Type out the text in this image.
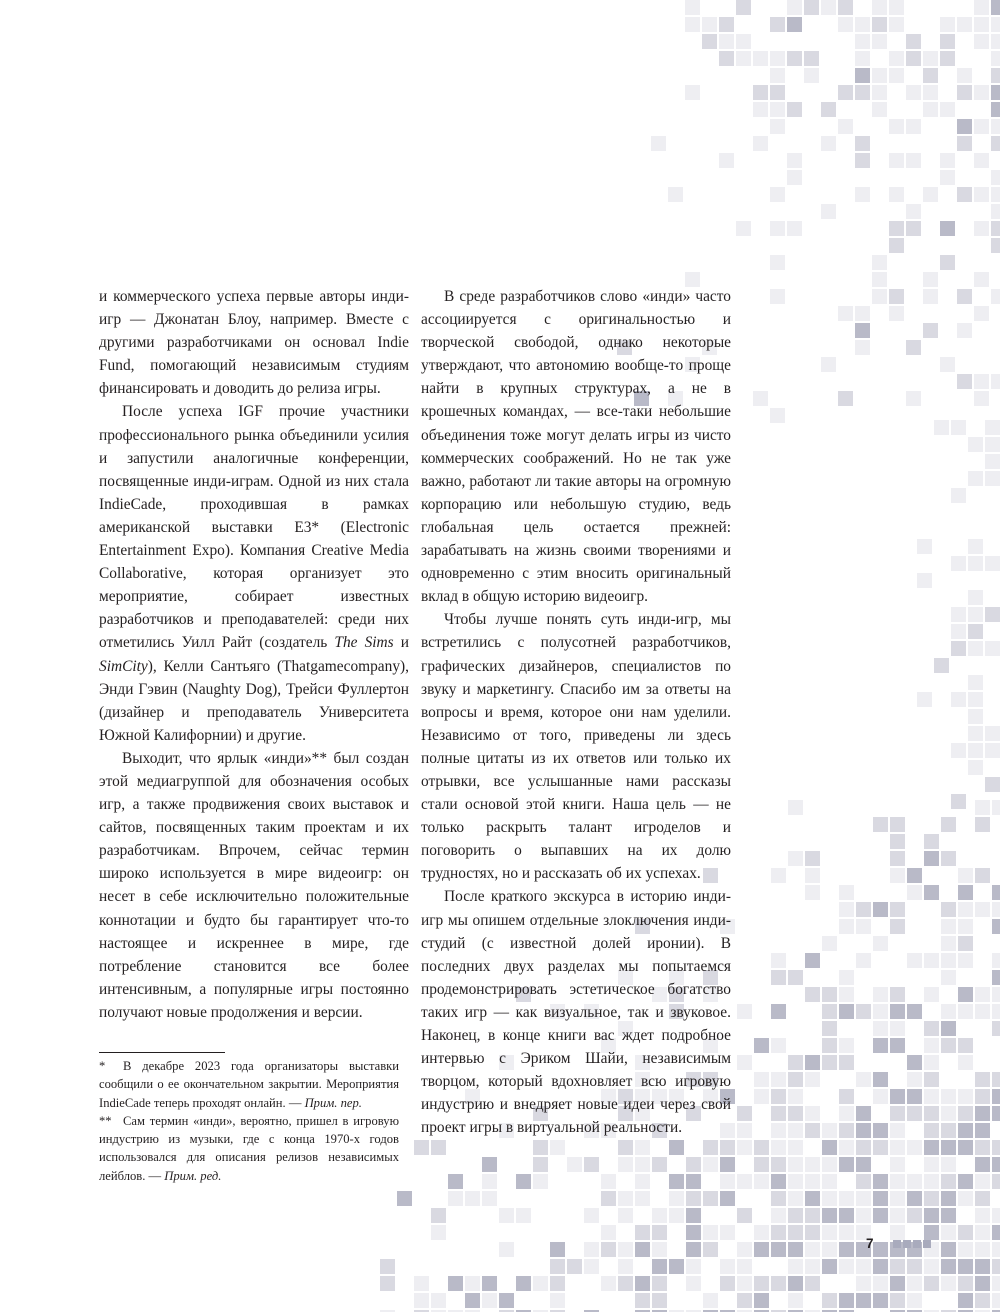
и коммерческого успеха первые авторы инди-игр — Джонатан Блоу, например. Вместе с другими разработчиками он основал Indie Fund, помогающий независимым студиям финансировать и доводить до релиза игры.

После успеха IGF прочие участники профессионального рынка объединили усилия и запустили аналогичные конференции, посвященные инди-играм. Одной из них стала IndieCade, проходившая в рамках американской выставки E3* (Electronic Entertainment Expo). Компания Creative Media Collaborative, которая организует это мероприятие, собирает известных разработчиков и преподавателей: среди них отметились Уилл Райт (создатель The Sims и SimCity), Келли Сантьяго (Thatgamecompany), Энди Гэвин (Naughty Dog), Трейси Фуллертон (дизайнер и преподаватель Университета Южной Калифорнии) и другие.

Выходит, что ярлык «инди»** был создан этой медиагруппой для обозначения особых игр, а также продвижения своих выставок и сайтов, посвященных таким проектам и их разработчикам. Впрочем, сейчас термин широко используется в мире видеоигр: он несет в себе исключительно положительные коннотации и будто бы гарантирует что-то настоящее и искреннее в мире, где потребление становится все более интенсивным, а популярные игры постоянно получают новые продолжения и версии.

В среде разработчиков слово «инди» часто ассоциируется с оригинальностью и творческой свободой, однако некоторые утверждают, что автономию вообще-то проще найти в крупных структурах, а не в крошечных командах, — все-таки небольшие объединения тоже могут делать игры из чисто коммерческих соображений. Но не так уже важно, работают ли такие авторы на огромную корпорацию или небольшую студию, ведь глобальная цель остается прежней: зарабатывать на жизнь своими творениями и одновременно с этим вносить оригинальный вклад в общую историю видеоигр.

Чтобы лучше понять суть инди-игр, мы встретились с полусотней разработчиков, графических дизайнеров, специалистов по звуку и маркетингу. Спасибо им за ответы на вопросы и время, которое они нам уделили. Независимо от того, приведены ли здесь полные цитаты из их ответов или только их отрывки, все услышанные нами рассказы стали основой этой книги. Наша цель — не только раскрыть талант игроделов и поговорить о выпавших на их долю трудностях, но и рассказать об их успехах.

После краткого экскурса в историю инди-игр мы опишем отдельные злоключения инди-студий (с известной долей иронии). В последних двух разделах мы попытаемся продемонстрировать эстетическое богатство таких игр — как визуальное, так и звуковое. Наконец, в конце книги вас ждет подробное интервью с Эриком Шайи, независимым творцом, который вдохновляет всю игровую индустрию и внедряет новые идеи через свой проект игры в виртуальной реальности.

* В декабре 2023 года организаторы выставки сообщили о ее окончательном закрытии. Мероприятия IndieCade теперь проходят онлайн. — Прим. пер.

** Сам термин «инди», вероятно, пришел в игровую индустрию из музыки, где с конца 1970-х годов использовался для описания релизов независимых лейблов. — Прим. ред.

7
